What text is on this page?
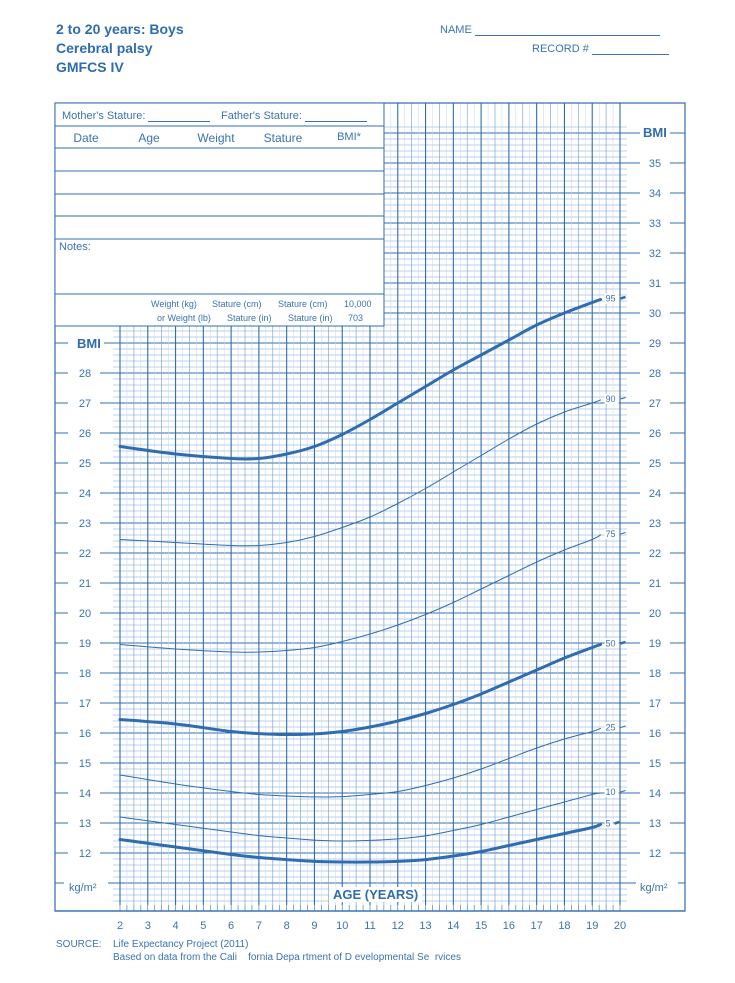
2 to 20 years: Boys
Cerebral palsy
GMFCS IV
NAME
RECORD #
12
13
14
15
16
17
18
19
20
21
22
23
24
25
26
27
28
12
13
14
15
16
17
18
19
20
21
22
23
24
25
26
27
28
29
30
31
32
33
34
35
2 3 4 5 6 7 8 9 10 11 12 13 14 15 16 17 18 19 20
95
90
75
50
25
10
5
Mother's Stature:	Father's Stature:
Date	Age	Weight	Stature	BMI*
Notes:
Weight (kg) Stature (cm) Stature (cm) 10,000
or Weight (lb) Stature (in) Stature (in) 703
BMI
BMI
kg/m²	kg/m²
AGE (YEARS)
SOURCE: Life Expectancy Project (2011)
Based on data from the Cali    fornia Depa rtment of D evelopmental Se  rvices
